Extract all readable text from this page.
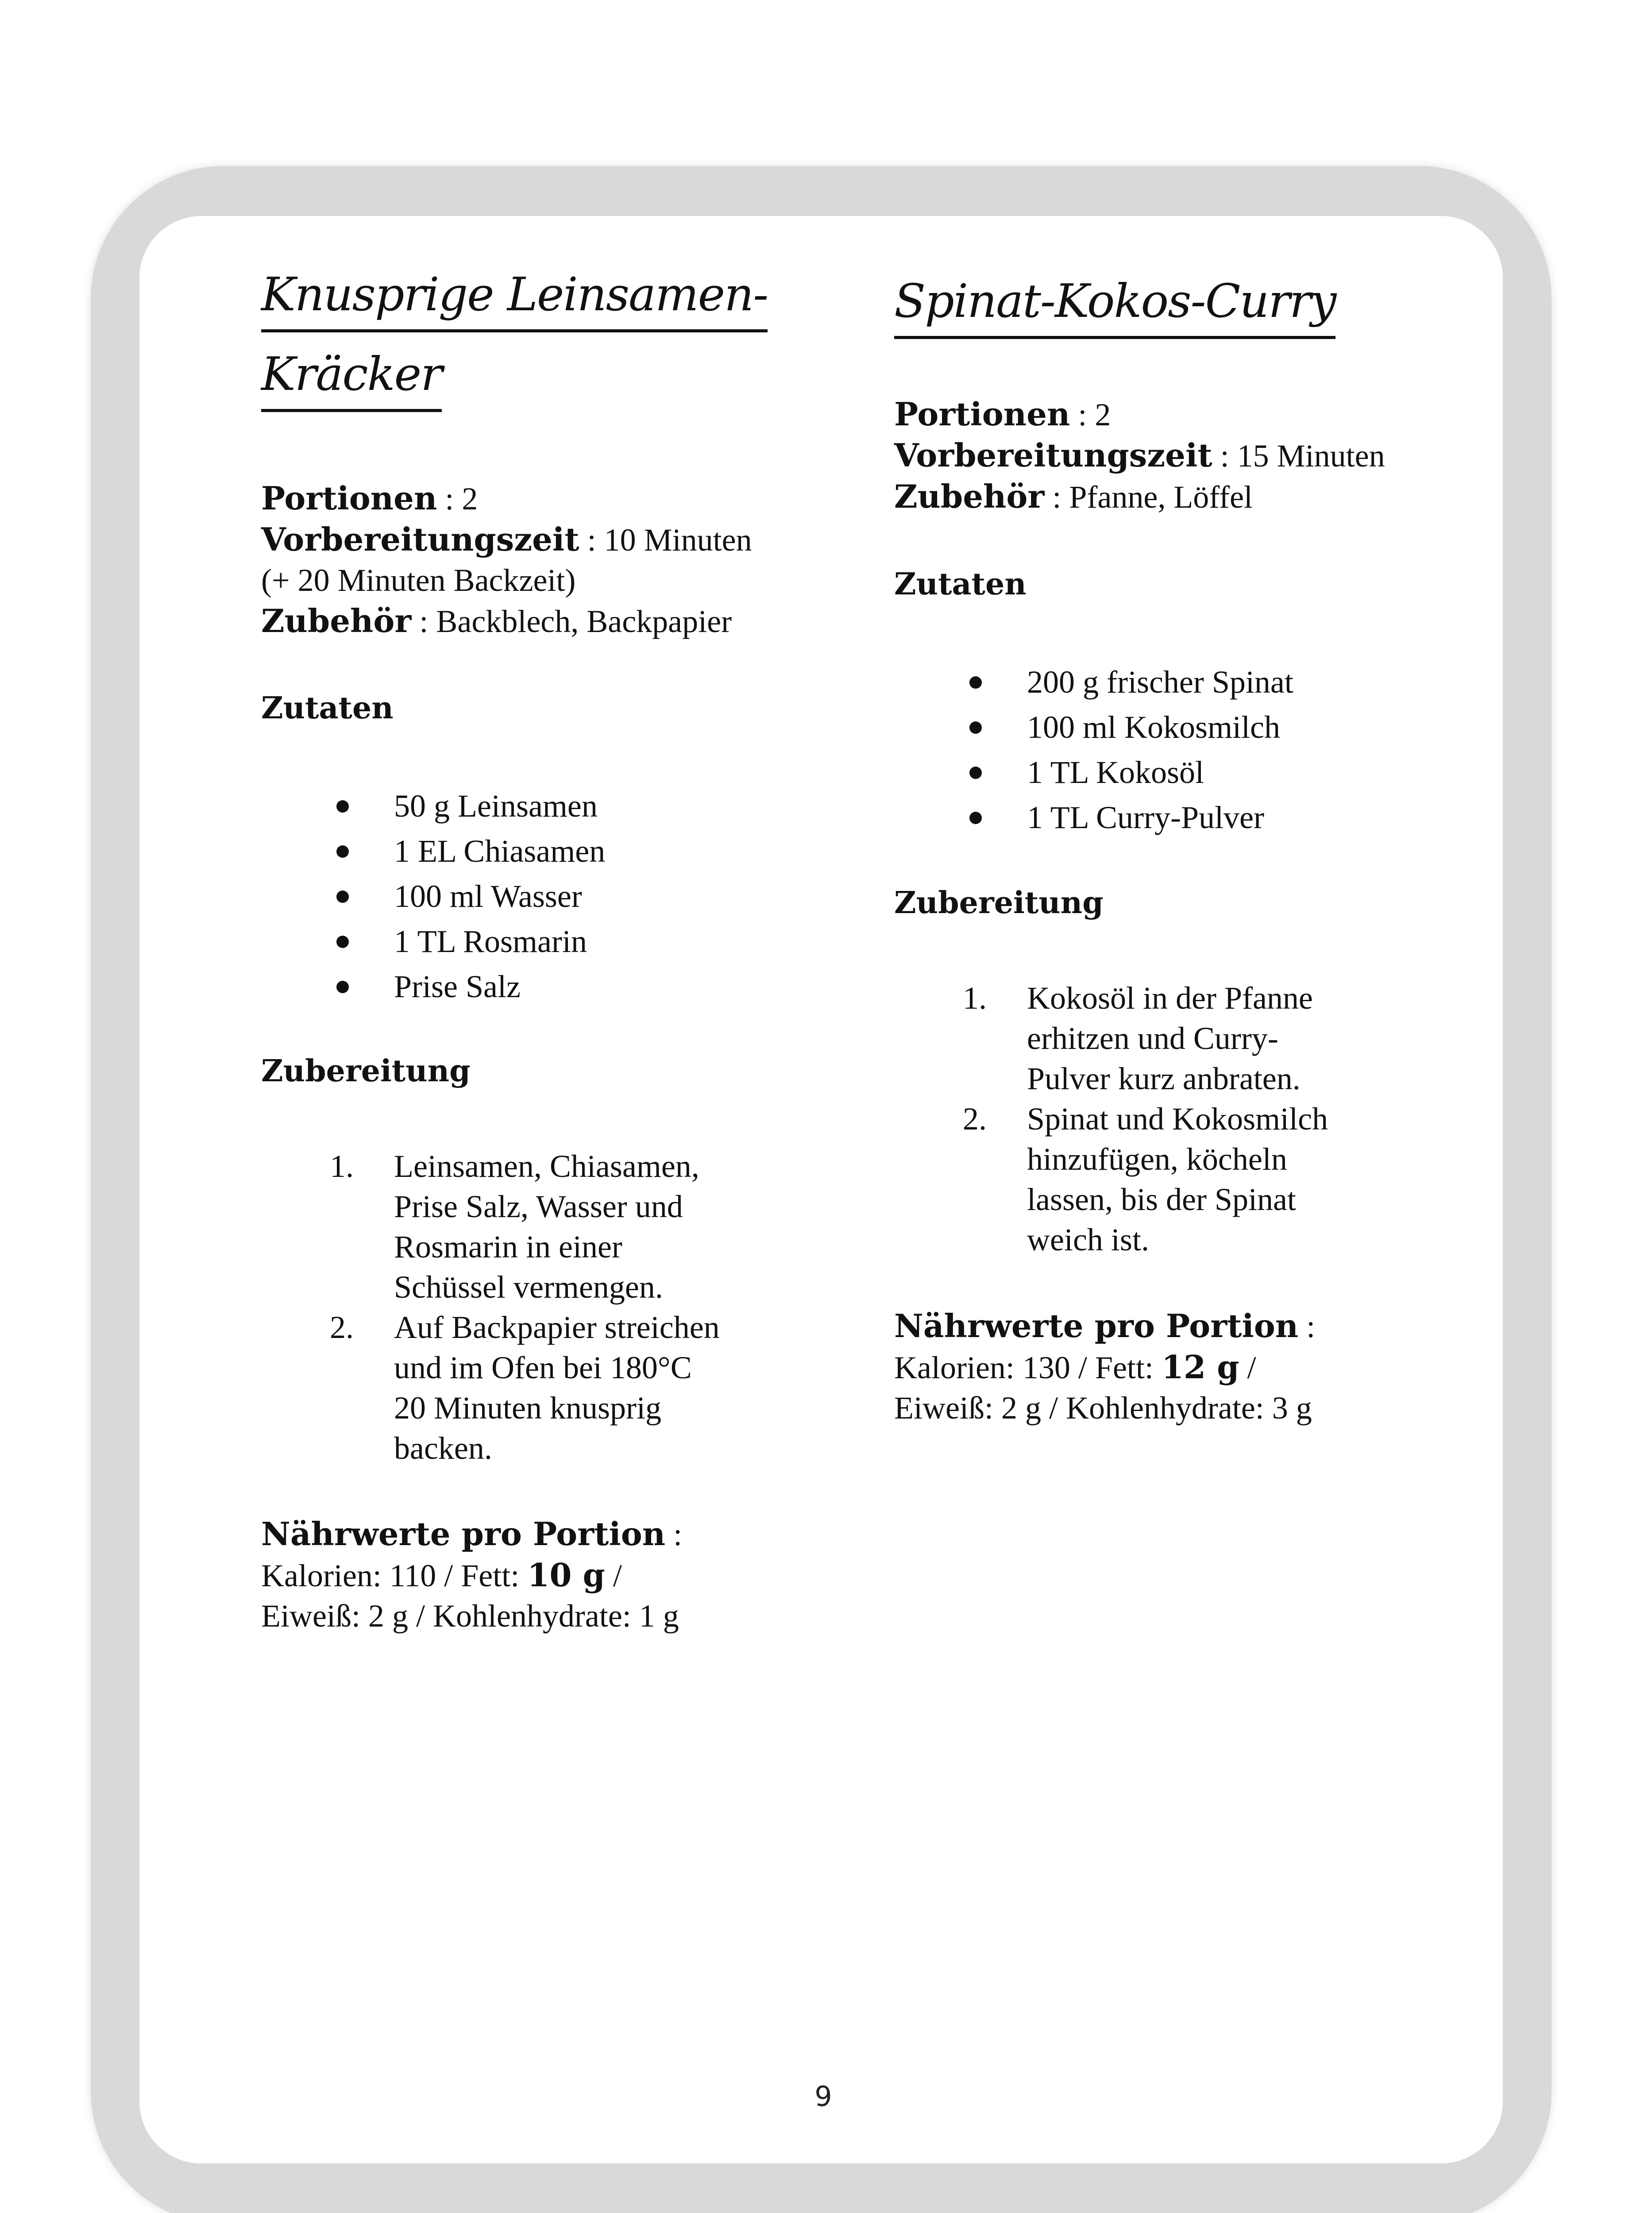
Knusprige Leinsamen-
Kräcker
Portionen : 2
Vorbereitungszeit : 10 Minuten
(+ 20 Minuten Backzeit)
Zubehör : Backblech, Backpapier
Zutaten
50 g Leinsamen
1 EL Chiasamen
100 ml Wasser
1 TL Rosmarin
Prise Salz
Zubereitung
1. Leinsamen, Chiasamen,
Prise Salz, Wasser und
Rosmarin in einer
Schüssel vermengen.
2. Auf Backpapier streichen
und im Ofen bei 180°C
20 Minuten knusprig
backen.
Nährwerte pro Portion :
Kalorien: 110 / Fett: 10 g /
Eiweiß: 2 g / Kohlenhydrate: 1 g
Spinat-Kokos-Curry
Portionen : 2
Vorbereitungszeit : 15 Minuten
Zubehör : Pfanne, Löffel
Zutaten
200 g frischer Spinat
100 ml Kokosmilch
1 TL Kokosöl
1 TL Curry-Pulver
Zubereitung
1. Kokosöl in der Pfanne
erhitzen und Curry-
Pulver kurz anbraten.
2. Spinat und Kokosmilch
hinzufügen, köcheln
lassen, bis der Spinat
weich ist.
Nährwerte pro Portion :
Kalorien: 130 / Fett: 12 g /
Eiweiß: 2 g / Kohlenhydrate: 3 g
9
